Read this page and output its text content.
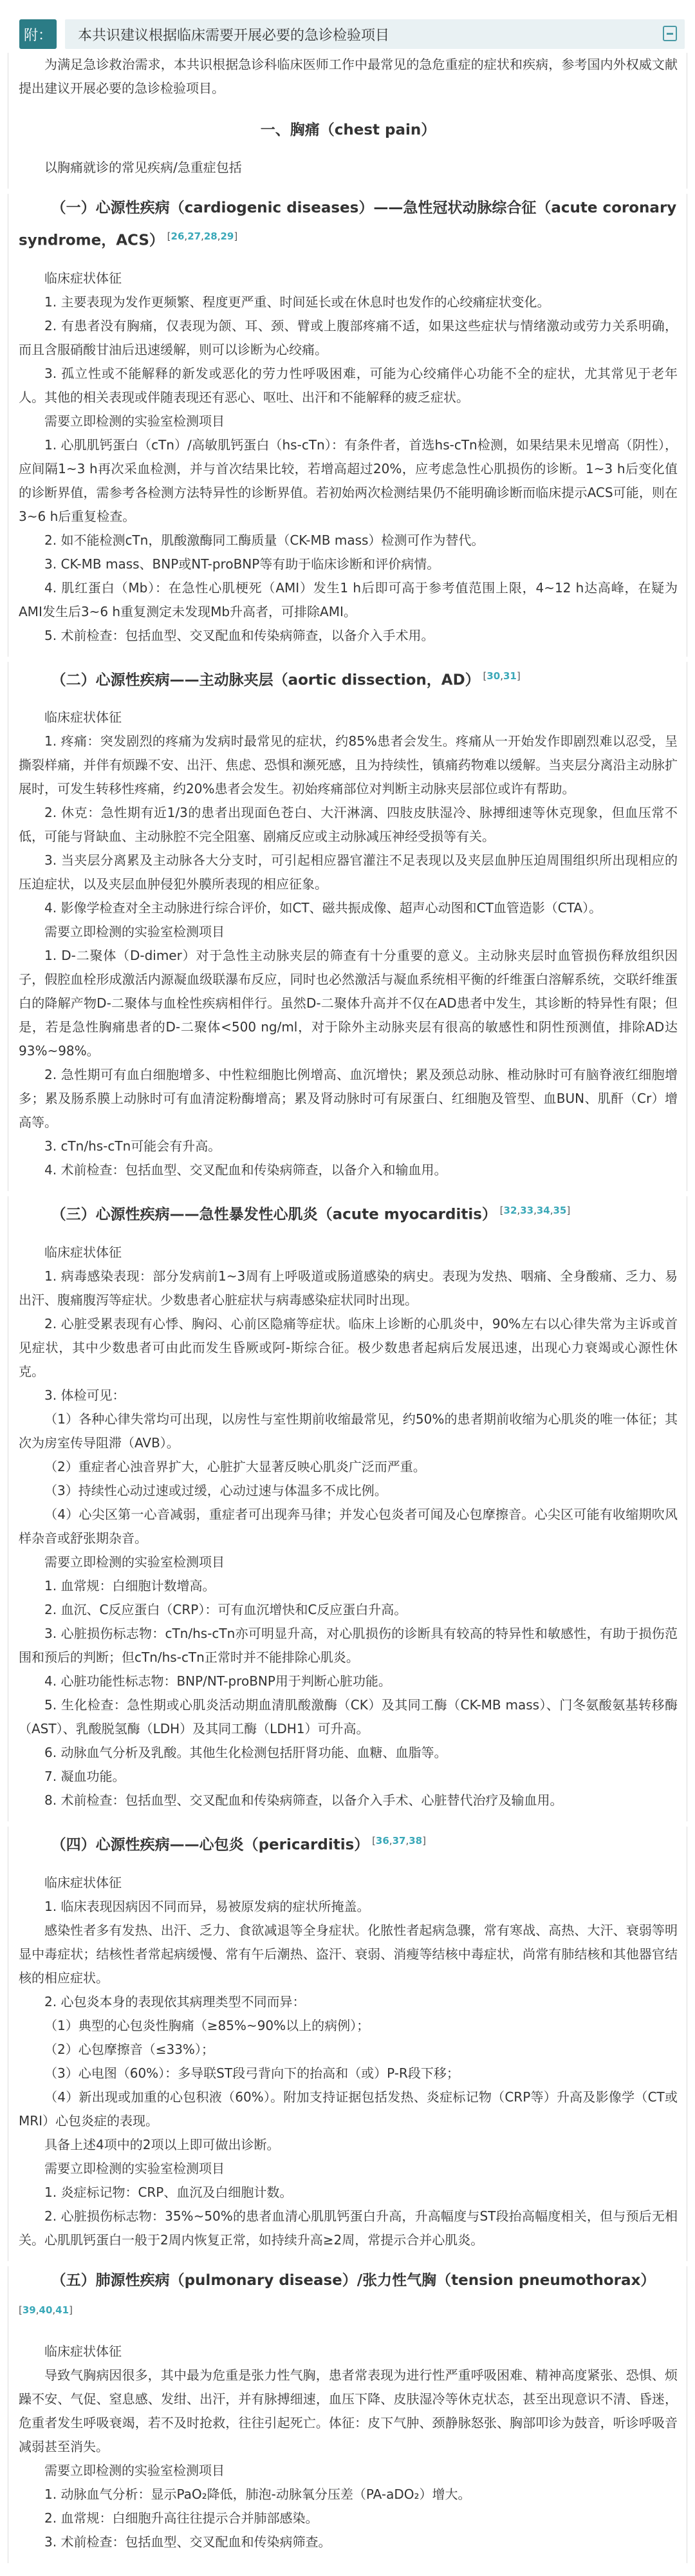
附：	本共识建议根据临床需要开展必要的急诊检验项目

为满足急诊救治需求，本共识根据急诊科临床医师工作中最常见的急危重症的症状和疾病，参考国内外权威文献提出建议开展必要的急诊检验项目。

一、胸痛（chest pain）

以胸痛就诊的常见疾病/急重症包括

（一）心源性疾病（cardiogenic diseases）——急性冠状动脉综合征（acute coronary syndrome，ACS） [26,27,28,29]

临床症状体征

1. 主要表现为发作更频繁、程度更严重、时间延长或在休息时也发作的心绞痛症状变化。

2. 有患者没有胸痛，仅表现为颌、耳、颈、臂或上腹部疼痛不适，如果这些症状与情绪激动或劳力关系明确，而且含服硝酸甘油后迅速缓解，则可以诊断为心绞痛。

3. 孤立性或不能解释的新发或恶化的劳力性呼吸困难，可能为心绞痛伴心功能不全的症状，尤其常见于老年人。其他的相关表现或伴随表现还有恶心、呕吐、出汗和不能解释的疲乏症状。

需要立即检测的实验室检测项目

1. 心肌肌钙蛋白（cTn）/高敏肌钙蛋白（hs-cTn）：有条件者，首选hs-cTn检测，如果结果未见增高（阴性），应间隔1~3 h再次采血检测，并与首次结果比较，若增高超过20%，应考虑急性心肌损伤的诊断。1~3 h后变化值的诊断界值，需参考各检测方法特异性的诊断界值。若初始两次检测结果仍不能明确诊断而临床提示ACS可能，则在3~6 h后重复检查。

2. 如不能检测cTn，肌酸激酶同工酶质量（CK-MB mass）检测可作为替代。

3. CK-MB mass、BNP或NT-proBNP等有助于临床诊断和评价病情。

4. 肌红蛋白（Mb）：在急性心肌梗死（AMI）发生1 h后即可高于参考值范围上限，4~12 h达高峰，在疑为AMI发生后3~6 h重复测定未发现Mb升高者，可排除AMI。

5. 术前检查：包括血型、交叉配血和传染病筛查，以备介入手术用。

（二）心源性疾病——主动脉夹层（aortic dissection，AD） [30,31]

临床症状体征

1. 疼痛：突发剧烈的疼痛为发病时最常见的症状，约85%患者会发生。疼痛从一开始发作即剧烈难以忍受，呈撕裂样痛，并伴有烦躁不安、出汗、焦虑、恐惧和濒死感，且为持续性，镇痛药物难以缓解。当夹层分离沿主动脉扩展时，可发生转移性疼痛，约20%患者会发生。初始疼痛部位对判断主动脉夹层部位或许有帮助。

2. 休克：急性期有近1/3的患者出现面色苍白、大汗淋漓、四肢皮肤湿冷、脉搏细速等休克现象，但血压常不低，可能与肾缺血、主动脉腔不完全阻塞、剧痛反应或主动脉减压神经受损等有关。

3. 当夹层分离累及主动脉各大分支时，可引起相应器官灌注不足表现以及夹层血肿压迫周围组织所出现相应的压迫症状，以及夹层血肿侵犯外膜所表现的相应征象。

4. 影像学检查对全主动脉进行综合评价，如CT、磁共振成像、超声心动图和CT血管造影（CTA）。

需要立即检测的实验室检测项目

1. D-二聚体（D-dimer）对于急性主动脉夹层的筛查有十分重要的意义。主动脉夹层时血管损伤释放组织因子，假腔血栓形成激活内源凝血级联瀑布反应，同时也必然激活与凝血系统相平衡的纤维蛋白溶解系统，交联纤维蛋白的降解产物D-二聚体与血栓性疾病相伴行。虽然D-二聚体升高并不仅在AD患者中发生，其诊断的特异性有限；但是，若是急性胸痛患者的D-二聚体<500 ng/ml，对于除外主动脉夹层有很高的敏感性和阴性预测值，排除AD达93%~98%。

2. 急性期可有血白细胞增多、中性粒细胞比例增高、血沉增快；累及颈总动脉、椎动脉时可有脑脊液红细胞增多；累及肠系膜上动脉时可有血清淀粉酶增高；累及肾动脉时可有尿蛋白、红细胞及管型、血BUN、肌酐（Cr）增高等。

3. cTn/hs-cTn可能会有升高。

4. 术前检查：包括血型、交叉配血和传染病筛查，以备介入和输血用。

（三）心源性疾病——急性暴发性心肌炎（acute myocarditis） [32,33,34,35]

临床症状体征

1. 病毒感染表现：部分发病前1~3周有上呼吸道或肠道感染的病史。表现为发热、咽痛、全身酸痛、乏力、易出汗、腹痛腹泻等症状。少数患者心脏症状与病毒感染症状同时出现。

2. 心脏受累表现有心悸、胸闷、心前区隐痛等症状。临床上诊断的心肌炎中，90%左右以心律失常为主诉或首见症状，其中少数患者可由此而发生昏厥或阿-斯综合征。极少数患者起病后发展迅速，出现心力衰竭或心源性休克。

3. 体检可见：

（1）各种心律失常均可出现，以房性与室性期前收缩最常见，约50%的患者期前收缩为心肌炎的唯一体征；其次为房室传导阻滞（AVB）。

（2）重症者心浊音界扩大，心脏扩大显著反映心肌炎广泛而严重。

（3）持续性心动过速或过缓，心动过速与体温多不成比例。

（4）心尖区第一心音减弱，重症者可出现奔马律；并发心包炎者可闻及心包摩擦音。心尖区可能有收缩期吹风样杂音或舒张期杂音。

需要立即检测的实验室检测项目

1. 血常规：白细胞计数增高。

2. 血沉、C反应蛋白（CRP）：可有血沉增快和C反应蛋白升高。

3. 心脏损伤标志物：cTn/hs-cTn亦可明显升高，对心肌损伤的诊断具有较高的特异性和敏感性，有助于损伤范围和预后的判断；但cTn/hs-cTn正常时并不能排除心肌炎。

4. 心脏功能性标志物：BNP/NT-proBNP用于判断心脏功能。

5. 生化检查：急性期或心肌炎活动期血清肌酸激酶（CK）及其同工酶（CK-MB mass）、门冬氨酸氨基转移酶（AST）、乳酸脱氢酶（LDH）及其同工酶（LDH1）可升高。

6. 动脉血气分析及乳酸。其他生化检测包括肝肾功能、血糖、血脂等。

7. 凝血功能。

8. 术前检查：包括血型、交叉配血和传染病筛查，以备介入手术、心脏替代治疗及输血用。

（四）心源性疾病——心包炎（pericarditis） [36,37,38]

临床症状体征

1. 临床表现因病因不同而异，易被原发病的症状所掩盖。

感染性者多有发热、出汗、乏力、食欲减退等全身症状。化脓性者起病急骤，常有寒战、高热、大汗、衰弱等明显中毒症状；结核性者常起病缓慢、常有午后潮热、盗汗、衰弱、消瘦等结核中毒症状，尚常有肺结核和其他器官结核的相应症状。

2. 心包炎本身的表现依其病理类型不同而异：

（1）典型的心包炎性胸痛（≥85%~90%以上的病例）；

（2）心包摩擦音（≤33%）；

（3）心电图（60%）：多导联ST段弓背向下的抬高和（或）P-R段下移；

（4）新出现或加重的心包积液（60%）。附加支持证据包括发热、炎症标记物（CRP等）升高及影像学（CT或MRI）心包炎症的表现。

具备上述4项中的2项以上即可做出诊断。

需要立即检测的实验室检测项目

1. 炎症标记物：CRP、血沉及白细胞计数。

2. 心脏损伤标志物：35%~50%的患者血清心肌肌钙蛋白升高，升高幅度与ST段抬高幅度相关，但与预后无相关。心肌肌钙蛋白一般于2周内恢复正常，如持续升高≥2周，常提示合并心肌炎。

（五）肺源性疾病（pulmonary disease）/张力性气胸（tension pneumothorax） [39,40,41]

临床症状体征

导致气胸病因很多，其中最为危重是张力性气胸，患者常表现为进行性严重呼吸困难、精神高度紧张、恐惧、烦躁不安、气促、窒息感、发绀、出汗，并有脉搏细速，血压下降、皮肤湿冷等休克状态，甚至出现意识不清、昏迷，危重者发生呼吸衰竭，若不及时抢救，往往引起死亡。体征：皮下气肿、颈静脉怒张、胸部叩诊为鼓音，听诊呼吸音减弱甚至消失。

需要立即检测的实验室检测项目

1. 动脉血气分析：显示PaO₂降低，肺泡-动脉氧分压差（PA-aDO₂）增大。

2. 血常规：白细胞升高往往提示合并肺部感染。

3. 术前检查：包括血型、交叉配血和传染病筛查。
